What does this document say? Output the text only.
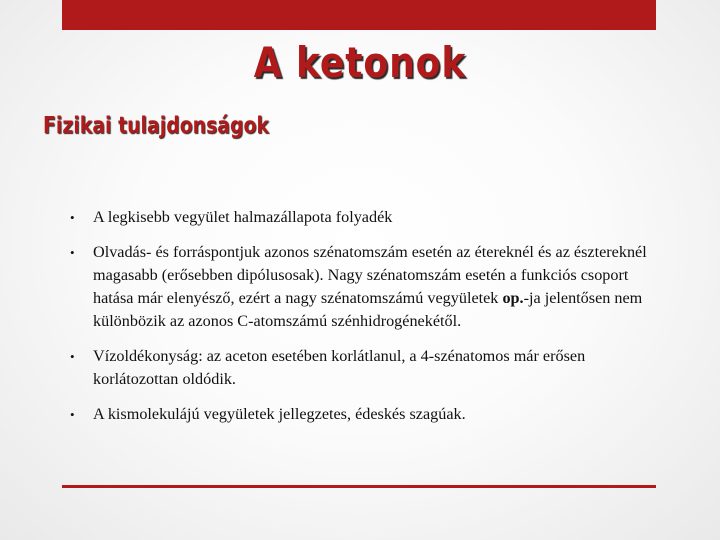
A ketonok
Fizikai tulajdonságok
• A legkisebb vegyület halmazállapota folyadék
• Olvadás- és forráspontjuk azonos szénatomszám esetén az étereknél és az észtereknél magasabb (erősebben dipólusosak). Nagy szénatomszám esetén a funkciós csoport hatása már elenyésző, ezért a nagy szénatomszámú vegyületek op.-ja jelentősen nem különbözik az azonos C-atomszámú szénhidrogénekétől.
• Vízoldékonyság: az aceton esetében korlátlanul, a 4-szénatomos már erősen korlátozottan oldódik.
• A kismolekulájú vegyületek jellegzetes, édeskés szagúak.
